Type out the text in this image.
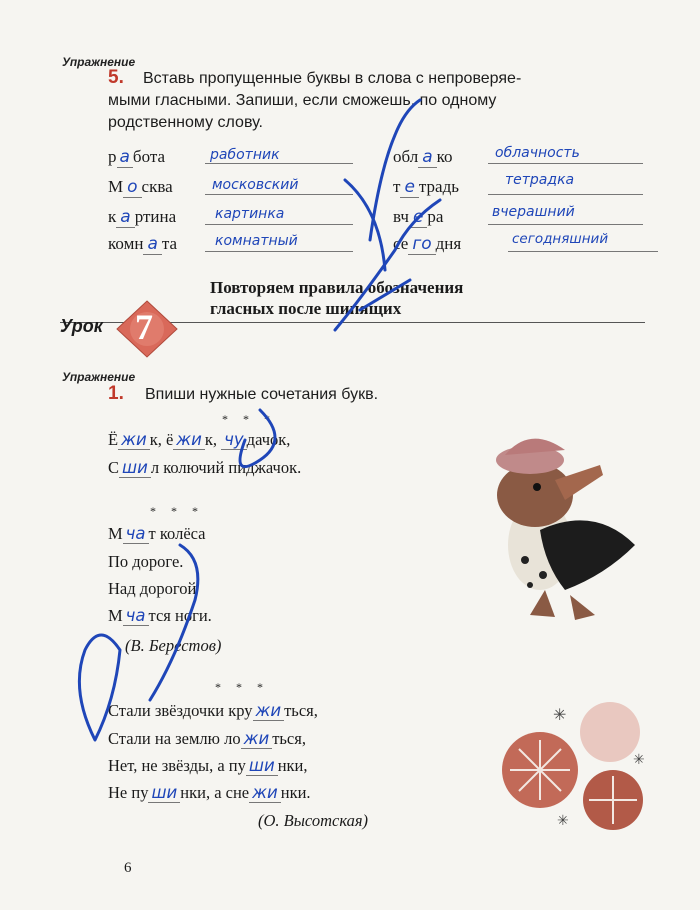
Упражнение
5. Вставь пропущенные буквы в слова с непроверяе-
мыми гласными. Запиши, если сможешь, по одному
родственному слову.
р а бота	работник
М о сква	московский
к а ртина	картинка
комн а та	комнатный
обл а ко	облачность
т е традь	тетрадка
вч е ра	вчерашний
се го дня	сегодняшний
Повторяем правила обозначения
гласных после шипящих
Урок 7
Упражнение
1. Впиши нужные сочетания букв.
* * *
Ё жи к, ё жи к, чу дачок,
С ши л колючий пиджачок.
* * *
М ча т колёса
По дороге.
Над дорогой
М ча тся ноги.
(В. Берестов)
* * *
Стали звёздочки кру жи ться,
Стали на землю ло жи ться,
Нет, не звёзды, а пу ши нки,
Не пу ши нки, а сне жи нки.
(О. Высотская)
6
✳
✳
✳
